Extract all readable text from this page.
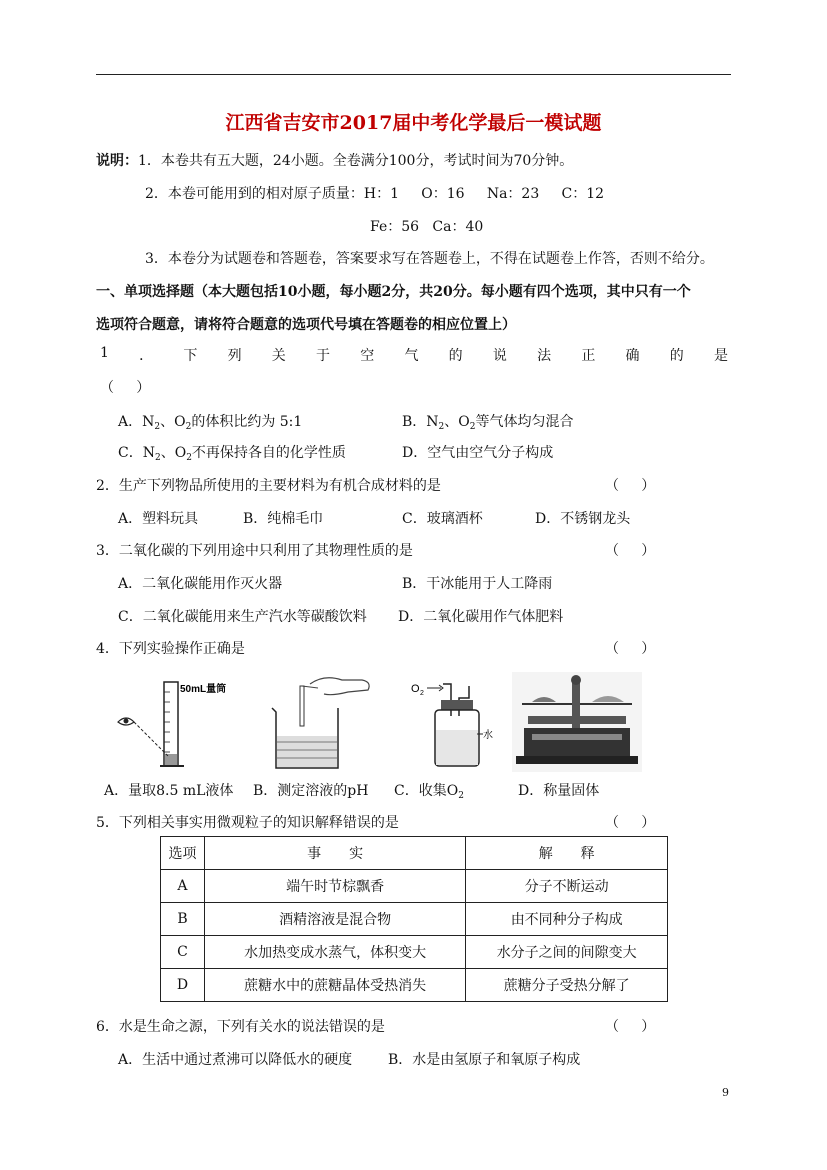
江西省吉安市2017届中考化学最后一模试题
说明：1．本卷共有五大题，24小题。全卷满分100分，考试时间为70分钟。
2．本卷可能用到的相对原子质量：H：1     O：16     Na：23     C：12
Fe：56   Ca：40
3．本卷分为试题卷和答题卷，答案要求写在答题卷上，不得在试题卷上作答，否则不给分。
一、单项选择题（本大题包括10小题，每小题2分，共20分。每小题有四个选项，其中只有一个
选项符合题意，请将符合题意的选项代号填在答题卷的相应位置上）
1 ． 下 列 关 于 空 气 的 说 法 正 确 的 是
（     ）
A．$N_2$、$O_2$的体积比约为 5:1	B．$N_2$、$O_2$等气体均匀混合
C．$N_2$、$O_2$不再保持各自的化学性质	D．空气由空气分子构成
2．生产下列物品所使用的主要材料为有机合成材料的是	（     ）
A．塑料玩具	B．纯棉毛巾	C．玻璃酒杯	D．不锈钢龙头
3．二氧化碳的下列用途中只利用了其物理性质的是	（     ）
A．二氧化碳能用作灭火器	B．干冰能用于人工降雨
C．二氧化碳能用来生产汽水等碳酸饮料 D．二氧化碳用作气体肥料
4．下列实验操作正确是	（     ）
50mL量筒	O 2
水
A．量取8.5 mL液体 B．测定溶液的pH C．收集$O_2$	D．称量固体
5．下列相关事实用微观粒子的知识解释错误的是	（     ）
选项	事　　实	解　　释
A	端午时节棕飘香	分子不断运动
B	酒精溶液是混合物	由不同种分子构成
C	水加热变成水蒸气，体积变大	水分子之间的间隙变大
D	蔗糖水中的蔗糖晶体受热消失	蔗糖分子受热分解了
6．水是生命之源，下列有关水的说法错误的是	（     ）
A．生活中通过煮沸可以降低水的硬度	B．水是由氢原子和氧原子构成
9
